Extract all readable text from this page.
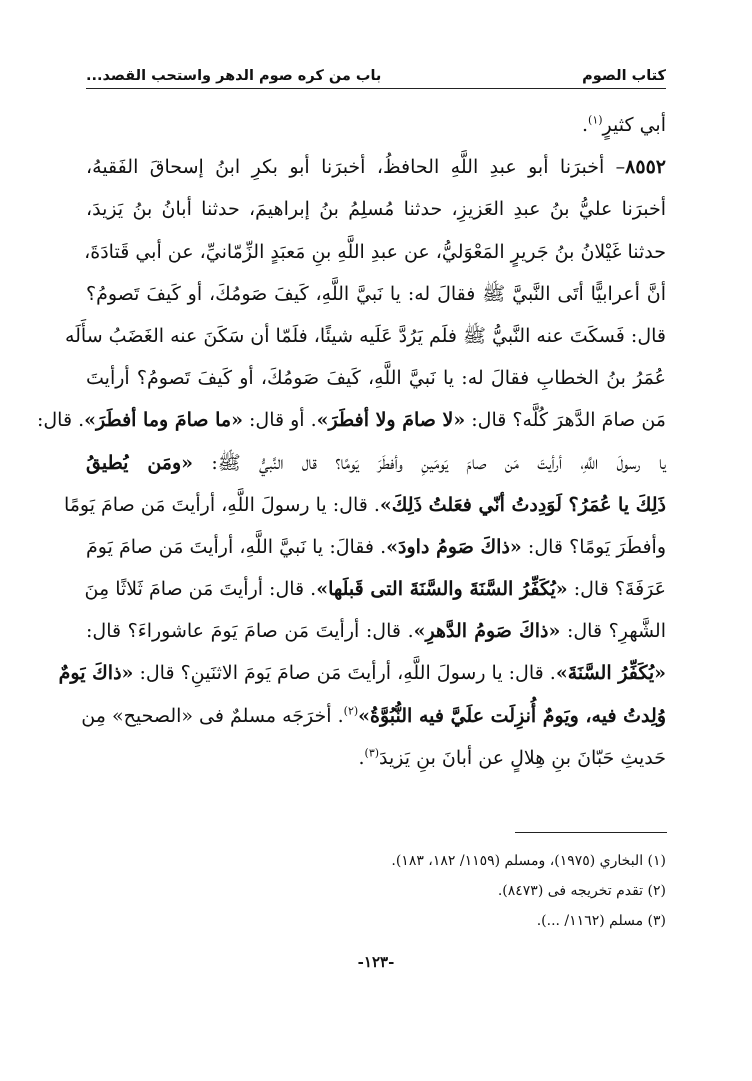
كتاب الصوم
باب من كره صوم الدهر واستحب القصد...
أبي كثيرٍ$^{(١)}$.
٨٥٥٢– أخبرَنا أبو عبدِ اللَّهِ الحافظُ، أخبرَنا أبو بكرِ ابنُ إسحاقَ الفَقيهُ،
أخبرَنا عليُّ بنُ عبدِ العَزيزِ، حدثنا مُسلِمُ بنُ إبراهيمَ، حدثنا أبانُ بنُ يَزيدَ،
حدثنا غَيْلانُ بنُ جَريرٍ المَعْوَليُّ، عن عبدِ اللَّهِ بنِ مَعبَدٍ الزِّمّانيِّ، عن أبي قَتادَةَ،
أنَّ أعرابيًّا أتَى النَّبيَّ ﷺ فقالَ له: يا نَبيَّ اللَّهِ، كَيفَ صَومُكَ، أو كَيفَ تَصومُ؟
قال: فَسكَتَ عنه النَّبيُّ ﷺ فلَم يَرُدَّ عَلَيه شيئًا، فلَمّا أن سَكَنَ عنه الغَضَبُ سأَلَه
عُمَرُ بنُ الخطابِ فقالَ له: يا نَبيَّ اللَّهِ، كَيفَ صَومُكَ، أو كَيفَ تَصومُ؟ أرأيتَ
مَن صامَ الدَّهرَ كُلَّه؟ قال: «لا صامَ ولا أفطَرَ». أو قال: «ما صامَ وما أفطَرَ». قال:
يا رسولَ اللَّهِ، أرأيتَ مَن صامَ يَومَينِ وأفطَرَ يَومًا؟ قال النَّبيُّ ﷺ: «ومَن يُطيقُ
ذَلِكَ يا عُمَرُ؟ لَوَدِدتُ أنّي فعَلتُ ذَلِكَ». قال: يا رسولَ اللَّهِ، أرأيتَ مَن صامَ يَومًا
وأفطَرَ يَومًا؟ قال: «ذاكَ صَومُ داودَ». فقالَ: يا نَبيَّ اللَّهِ، أرأيتَ مَن صامَ يَومَ
عَرَفَةَ؟ قال: «يُكَفِّرُ السَّنَةَ والسَّنَةَ التى قَبلَها». قال: أرأيتَ مَن صامَ ثَلاثًا مِنَ
الشَّهرِ؟ قال: «ذاكَ صَومُ الدَّهرِ». قال: أرأيتَ مَن صامَ يَومَ عاشوراءَ؟ قال:
«يُكَفِّرُ السَّنَةَ». قال: يا رسولَ اللَّهِ، أرأيتَ مَن صامَ يَومَ الاثنَينِ؟ قال: «ذاكَ يَومٌ
وُلِدتُ فيه، ويَومٌ أُنزِلَت علَيَّ فيه النُّبُوَّةُ»$^{(٢)}$. أخرَجَه مسلمٌ فى «الصحيح» مِن
حَديثِ حَبّانَ بنِ هِلالٍ عن أبانَ بنِ يَزيدَ$^{(٣)}$.
(١) البخاري (١٩٧٥)، ومسلم (١١٥٩/ ١٨٢، ١٨٣).
(٢) تقدم تخريجه فى (٨٤٧٣).
(٣) مسلم (١١٦٢/ ...).
-١٢٣-
